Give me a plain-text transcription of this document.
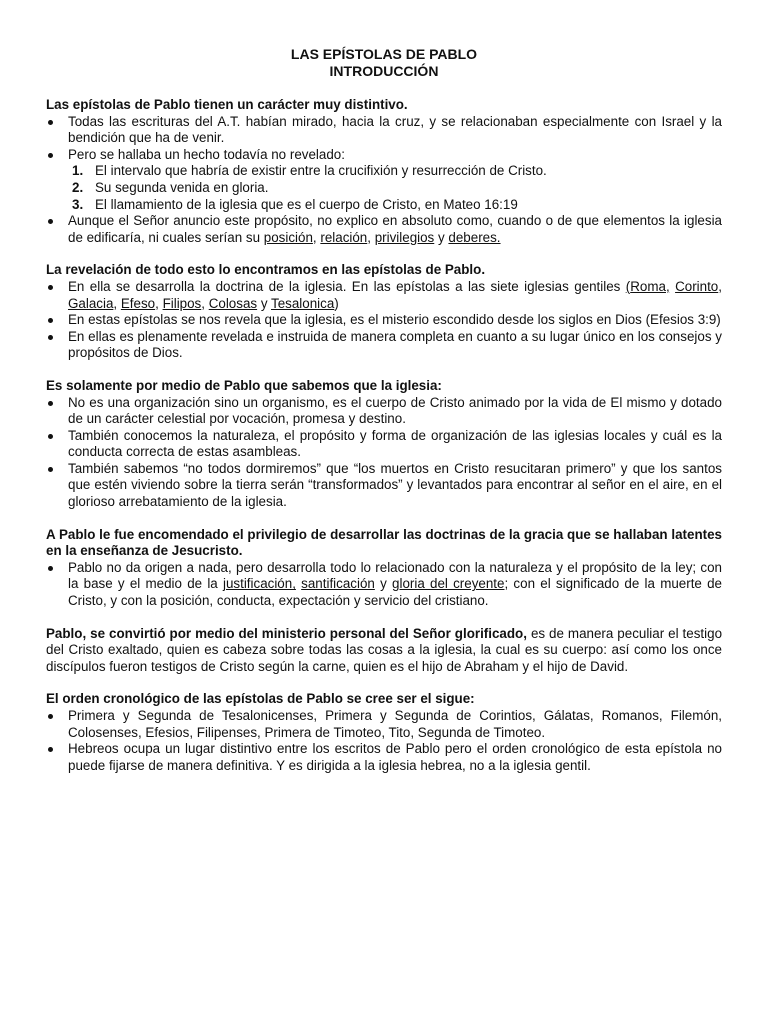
LAS EPÍSTOLAS DE PABLO
INTRODUCCIÓN
Las epístolas de Pablo tienen un carácter muy distintivo.
Todas las escrituras del A.T. habían mirado, hacia la cruz, y se relacionaban especialmente con Israel y la bendición que ha de venir.
Pero se hallaba un hecho todavía no revelado:
1. El intervalo que habría de existir entre la crucifixión y resurrección de Cristo.
2. Su segunda venida en gloria.
3. El llamamiento de la iglesia que es el cuerpo de Cristo, en Mateo 16:19
Aunque el Señor anuncio este propósito, no explico en absoluto como, cuando o de que elementos la iglesia de edificaría, ni cuales serían su posición, relación, privilegios y deberes.
La revelación de todo esto lo encontramos en las epístolas de Pablo.
En ella se desarrolla la doctrina de la iglesia. En las epístolas a las siete iglesias gentiles (Roma, Corinto, Galacia, Efeso, Filipos, Colosas y Tesalonica)
En estas epístolas se nos revela que la iglesia, es el misterio escondido desde los siglos en Dios (Efesios 3:9)
En ellas es plenamente revelada e instruida de manera completa en cuanto a su lugar único en los consejos y propósitos de Dios.
Es solamente por medio de Pablo que sabemos que la iglesia:
No es una organización sino un organismo, es el cuerpo de Cristo animado por la vida de El mismo y dotado de un carácter celestial por vocación, promesa y destino.
También conocemos la naturaleza, el propósito y forma de organización de las iglesias locales y cuál es la conducta correcta de estas asambleas.
También sabemos “no todos dormiremos” que “los muertos en Cristo resucitaran primero” y que los santos que estén viviendo sobre la tierra serán “transformados” y levantados para encontrar al señor en el aire, en el glorioso arrebatamiento de la iglesia.
A Pablo le fue encomendado el privilegio de desarrollar las doctrinas de la gracia que se hallaban latentes en la enseñanza de Jesucristo.
Pablo no da origen a nada, pero desarrolla todo lo relacionado con la naturaleza y el propósito de la ley; con la base y el medio de la justificación, santificación y gloria del creyente; con el significado de la muerte de Cristo, y con la posición, conducta, expectación y servicio del cristiano.
Pablo, se convirtió por medio del ministerio personal del Señor glorificado, es de manera peculiar el testigo del Cristo exaltado, quien es cabeza sobre todas las cosas a la iglesia, la cual es su cuerpo: así como los once discípulos fueron testigos de Cristo según la carne, quien es el hijo de Abraham y el hijo de David.
El orden cronológico de las epístolas de Pablo se cree ser el sigue:
Primera y Segunda de Tesalonicenses, Primera y Segunda de Corintios, Gálatas, Romanos, Filemón, Colosenses, Efesios, Filipenses, Primera de Timoteo, Tito, Segunda de Timoteo.
Hebreos ocupa un lugar distintivo entre los escritos de Pablo pero el orden cronológico de esta epístola no puede fijarse de manera definitiva. Y es dirigida a la iglesia hebrea, no a la iglesia gentil.
